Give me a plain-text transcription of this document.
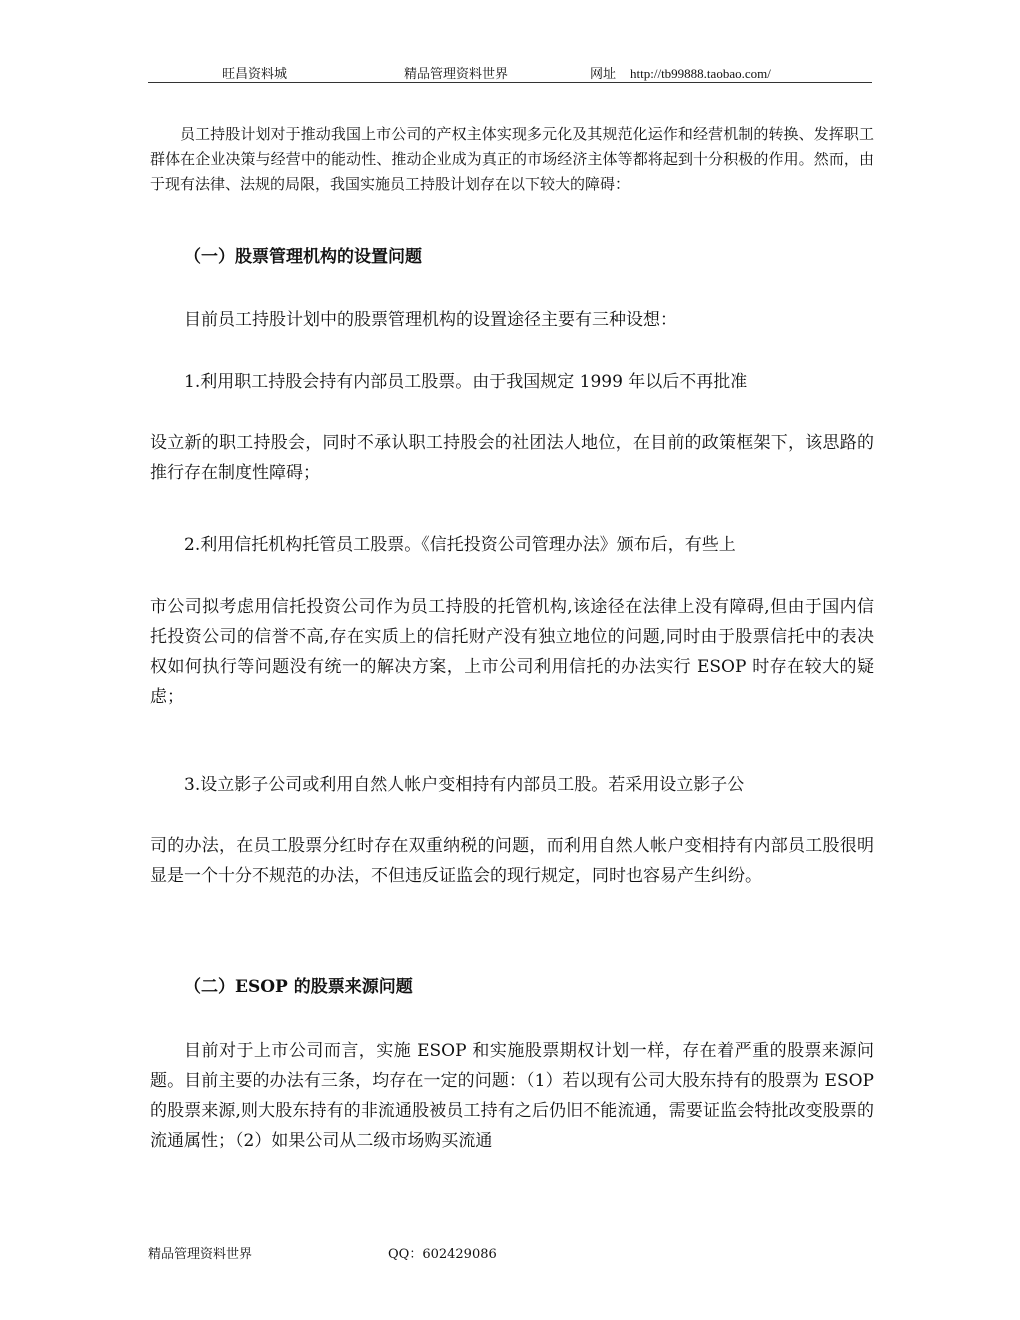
旺昌资料城	精品管理资料世界	网址 http://tb99888.taobao.com/

员工持股计划对于推动我国上市公司的产权主体实现多元化及其规范化运作和经营机制的转换、发挥职工群体在企业决策与经营中的能动性、推动企业成为真正的市场经济主体等都将起到十分积极的作用。然而，由于现有法律、法规的局限，我国实施员工持股计划存在以下较大的障碍：

（一）股票管理机构的设置问题

目前员工持股计划中的股票管理机构的设置途径主要有三种设想：

1.利用职工持股会持有内部员工股票。由于我国规定 1999 年以后不再批准

设立新的职工持股会，同时不承认职工持股会的社团法人地位，在目前的政策框架下，该思路的推行存在制度性障碍；

2.利用信托机构托管员工股票。《信托投资公司管理办法》颁布后，有些上

市公司拟考虑用信托投资公司作为员工持股的托管机构,该途径在法律上没有障碍,但由于国内信托投资公司的信誉不高,存在实质上的信托财产没有独立地位的问题,同时由于股票信托中的表决权如何执行等问题没有统一的解决方案，上市公司利用信托的办法实行 ESOP 时存在较大的疑虑；

3.设立影子公司或利用自然人帐户变相持有内部员工股。若采用设立影子公

司的办法，在员工股票分红时存在双重纳税的问题，而利用自然人帐户变相持有内部员工股很明显是一个十分不规范的办法，不但违反证监会的现行规定，同时也容易产生纠纷。

（二）ESOP 的股票来源问题

目前对于上市公司而言，实施 ESOP 和实施股票期权计划一样，存在着严重的股票来源问题。目前主要的办法有三条，均存在一定的问题：（1）若以现有公司大股东持有的股票为 ESOP 的股票来源,则大股东持有的非流通股被员工持有之后仍旧不能流通，需要证监会特批改变股票的流通属性；（2）如果公司从二级市场购买流通

精品管理资料世界	QQ：602429086
